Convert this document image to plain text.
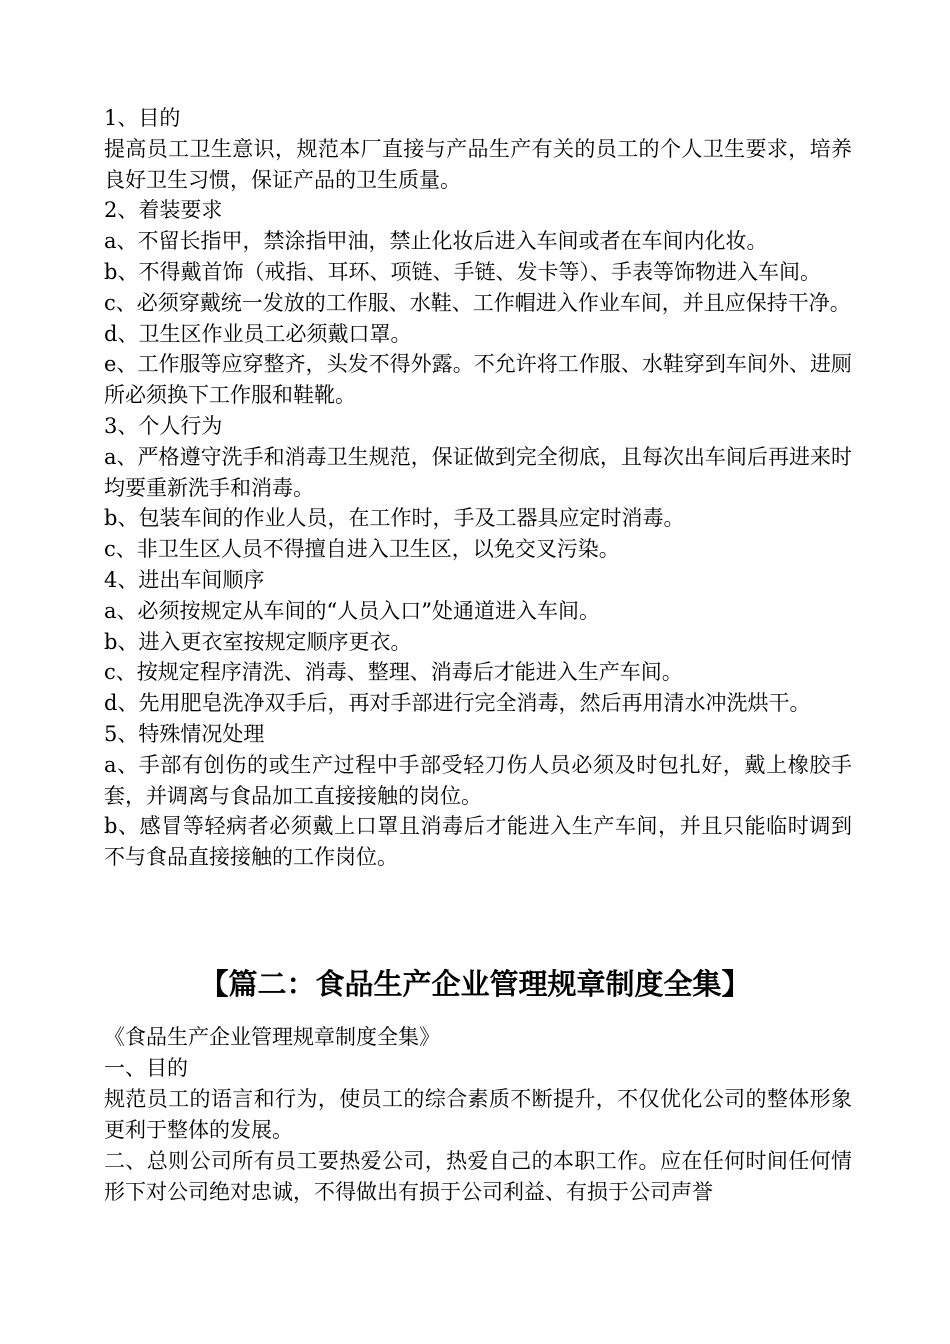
1、目的
提高员工卫生意识，规范本厂直接与产品生产有关的员工的个人卫生要求，培养良好卫生习惯，保证产品的卫生质量。
2、着装要求
a、不留长指甲，禁涂指甲油，禁止化妆后进入车间或者在车间内化妆。
b、不得戴首饰（戒指、耳环、项链、手链、发卡等）、手表等饰物进入车间。
c、必须穿戴统一发放的工作服、水鞋、工作帽进入作业车间，并且应保持干净。
d、卫生区作业员工必须戴口罩。
e、工作服等应穿整齐，头发不得外露。不允许将工作服、水鞋穿到车间外、进厕所必须换下工作服和鞋靴。
3、个人行为
a、严格遵守洗手和消毒卫生规范，保证做到完全彻底，且每次出车间后再进来时均要重新洗手和消毒。
b、包装车间的作业人员，在工作时，手及工器具应定时消毒。
c、非卫生区人员不得擅自进入卫生区，以免交叉污染。
4、进出车间顺序
a、必须按规定从车间的“人员入口”处通道进入车间。
b、进入更衣室按规定顺序更衣。
c、按规定程序清洗、消毒、整理、消毒后才能进入生产车间。
d、先用肥皂洗净双手后，再对手部进行完全消毒，然后再用清水冲洗烘干。
5、特殊情况处理
a、手部有创伤的或生产过程中手部受轻刀伤人员必须及时包扎好，戴上橡胶手套，并调离与食品加工直接接触的岗位。
b、感冒等轻病者必须戴上口罩且消毒后才能进入生产车间，并且只能临时调到不与食品直接接触的工作岗位。
【篇二：食品生产企业管理规章制度全集】
《食品生产企业管理规章制度全集》
一、目的
规范员工的语言和行为，使员工的综合素质不断提升，不仅优化公司的整体形象更利于整体的发展。
二、总则公司所有员工要热爱公司，热爱自己的本职工作。应在任何时间任何情形下对公司绝对忠诚，不得做出有损于公司利益、有损于公司声誉
